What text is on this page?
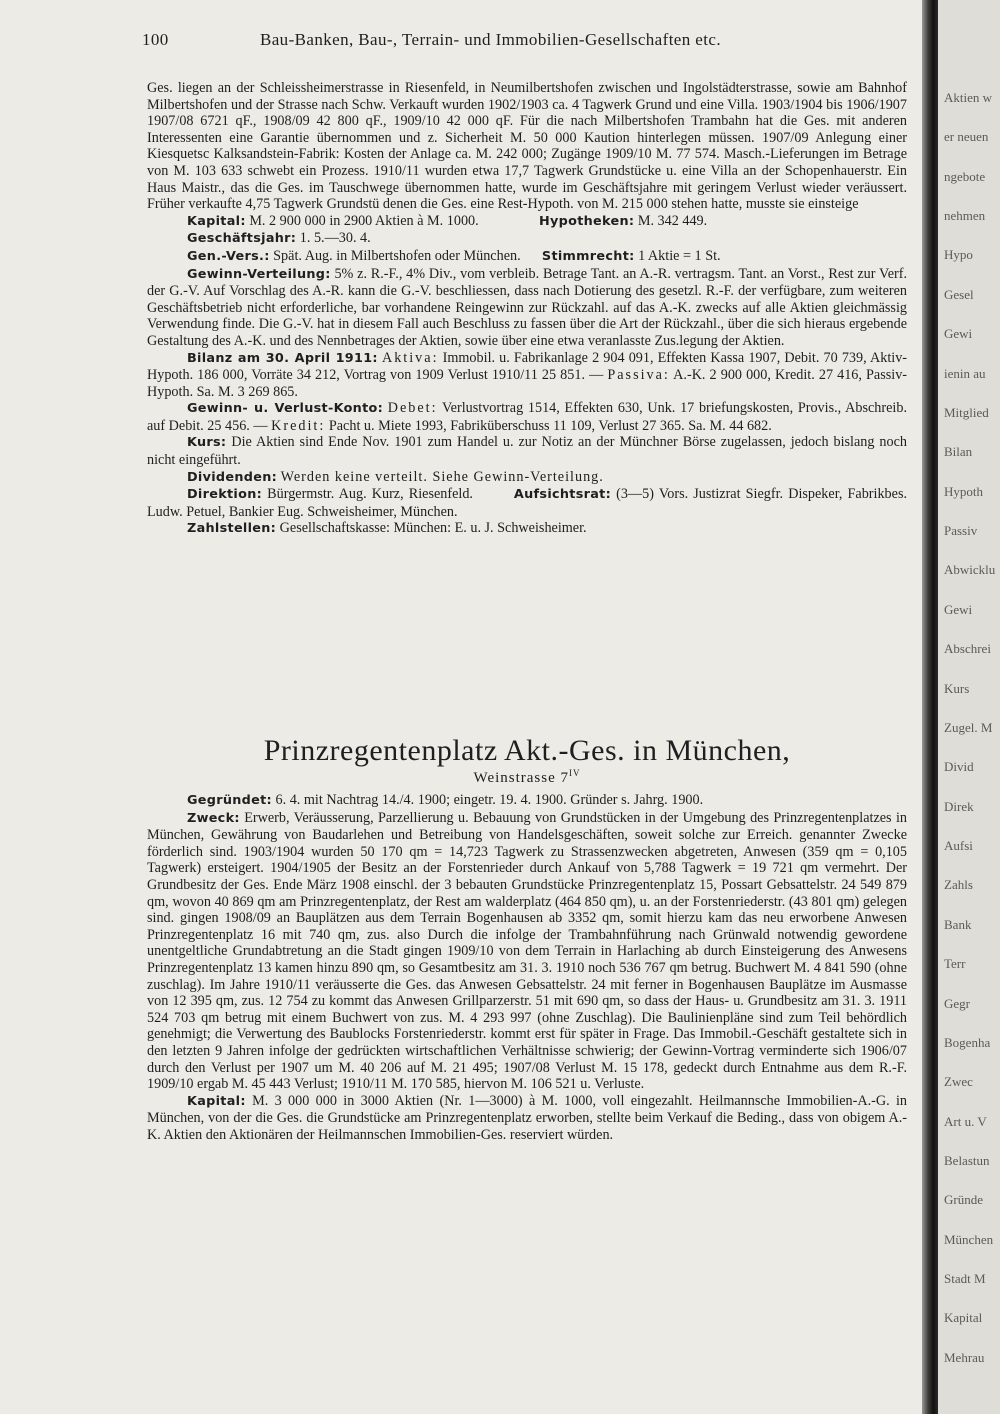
100	Bau-Banken, Bau-, Terrain- und Immobilien-Gesellschaften etc.

Ges. liegen an der Schleissheimerstrasse in Riesenfeld, in Neumilbertshofen zwischen und Ingolstädterstrasse, sowie am Bahnhof Milbertshofen und der Strasse nach Schw. Verkauft wurden 1902/1903 ca. 4 Tagwerk Grund und eine Villa. 1903/1904 bis 1906/1907 1907/08 6721 qF., 1908/09 42 800 qF., 1909/10 42 000 qF. Für die nach Milbertshofen Trambahn hat die Ges. mit anderen Interessenten eine Garantie übernommen und z. Sicherheit M. 50 000 Kaution hinterlegen müssen. 1907/09 Anlegung einer Kiesquetsc Kalksandstein-Fabrik: Kosten der Anlage ca. M. 242 000; Zugänge 1909/10 M. 77 574. Masch.-Lieferungen im Betrage von M. 103 633 schwebt ein Prozess. 1910/11 wurden etwa 17,7 Tagwerk Grundstücke u. eine Villa an der Schopenhauerstr. Ein Haus Maistr., das die Ges. im Tauschwege übernommen hatte, wurde im Geschäftsjahre mit geringem Verlust wieder veräussert. Früher verkaufte 4,75 Tagwerk Grundstü denen die Ges. eine Rest-Hypoth. von M. 215 000 stehen hatte, musste sie einsteige

Kapital: M. 2 900 000 in 2900 Aktien à M. 1000.	Hypotheken: M. 342 449.

Geschäftsjahr: 1. 5.—30. 4.

Gen.-Vers.: Spät. Aug. in Milbertshofen oder München. Stimmrecht: 1 Aktie = 1 St.

Gewinn-Verteilung: 5% z. R.-F., 4% Div., vom verbleib. Betrage Tant. an A.-R. vertragsm. Tant. an Vorst., Rest zur Verf. der G.-V. Auf Vorschlag des A.-R. kann die G.-V. beschliessen, dass nach Dotierung des gesetzl. R.-F. der verfügbare, zum weiteren Geschäftsbetrieb nicht erforderliche, bar vorhandene Reingewinn zur Rückzahl. auf das A.-K. zwecks auf alle Aktien gleichmässig Verwendung finde. Die G.-V. hat in diesem Fall auch Beschluss zu fassen über die Art der Rückzahl., über die sich hieraus ergebende Gestaltung des A.-K. und des Nennbetrages der Aktien, sowie über eine etwa veranlasste Zus.legung der Aktien.

Bilanz am 30. April 1911: Aktiva: Immobil. u. Fabrikanlage 2 904 091, Effekten Kassa 1907, Debit. 70 739, Aktiv-Hypoth. 186 000, Vorräte 34 212, Vortrag von 1909 Verlust 1910/11 25 851. — Passiva: A.-K. 2 900 000, Kredit. 27 416, Passiv-Hypoth. Sa. M. 3 269 865.

Gewinn- u. Verlust-Konto: Debet: Verlustvortrag 1514, Effekten 630, Unk. 17 briefungskosten, Provis., Abschreib. auf Debit. 25 456. — Kredit: Pacht u. Miete 1993, Fabriküberschuss 11 109, Verlust 27 365. Sa. M. 44 682.

Kurs: Die Aktien sind Ende Nov. 1901 zum Handel u. zur Notiz an der Münchner Börse zugelassen, jedoch bislang noch nicht eingeführt.

Dividenden: Werden keine verteilt. Siehe Gewinn-Verteilung.

Direktion: Bürgermstr. Aug. Kurz, Riesenfeld.	Aufsichtsrat: (3—5) Vors. Justizrat Siegfr. Dispeker, Fabrikbes. Ludw. Petuel, Bankier Eug. Schweisheimer, München.

Zahlstellen: Gesellschaftskasse: München: E. u. J. Schweisheimer.

Prinzregentenplatz Akt.-Ges. in München,
Weinstrasse $7^{IV}$

Gegründet: 6. 4. mit Nachtrag 14./4. 1900; eingetr. 19. 4. 1900. Gründer s. Jahrg. 1900.

Zweck: Erwerb, Veräusserung, Parzellierung u. Bebauung von Grundstücken in der Umgebung des Prinzregentenplatzes in München, Gewährung von Baudarlehen und Betreibung von Handelsgeschäften, soweit solche zur Erreich. genannter Zwecke förderlich sind. 1903/1904 wurden 50 170 qm = 14,723 Tagwerk zu Strassenzwecken abgetreten, Anwesen (359 qm = 0,105 Tagwerk) ersteigert. 1904/1905 der Besitz an der Forstenrieder durch Ankauf von 5,788 Tagwerk = 19 721 qm vermehrt. Der Grundbesitz der Ges. Ende März 1908 einschl. der 3 bebauten Grundstücke Prinzregentenplatz 15, Possart Gebsattelstr. 24 549 879 qm, wovon 40 869 qm am Prinzregentenplatz, der Rest am walderplatz (464 850 qm), u. an der Forstenriederstr. (43 801 qm) gelegen sind. gingen 1908/09 an Bauplätzen aus dem Terrain Bogenhausen ab 3352 qm, somit hierzu kam das neu erworbene Anwesen Prinzregentenplatz 16 mit 740 qm, zus. also Durch die infolge der Trambahnführung nach Grünwald notwendig gewordene unentgeltliche Grundabtretung an die Stadt gingen 1909/10 von dem Terrain in Harlaching ab durch Einsteigerung des Anwesens Prinzregentenplatz 13 kamen hinzu 890 qm, so Gesamtbesitz am 31. 3. 1910 noch 536 767 qm betrug. Buchwert M. 4 841 590 (ohne zuschlag). Im Jahre 1910/11 veräusserte die Ges. das Anwesen Gebsattelstr. 24 mit ferner in Bogenhausen Bauplätze im Ausmasse von 12 395 qm, zus. 12 754 zu kommt das Anwesen Grillparzerstr. 51 mit 690 qm, so dass der Haus- u. Grundbesitz am 31. 3. 1911 524 703 qm betrug mit einem Buchwert von zus. M. 4 293 997 (ohne Zuschlag). Die Baulinienpläne sind zum Teil behördlich genehmigt; die Verwertung des Baublocks Forstenriederstr. kommt erst für später in Frage. Das Immobil.-Geschäft gestaltete sich in den letzten 9 Jahren infolge der gedrückten wirtschaftlichen Verhältnisse schwierig; der Gewinn-Vortrag verminderte sich 1906/07 durch den Verlust per 1907 um M. 40 206 auf M. 21 495; 1907/08 Verlust M. 15 178, gedeckt durch Entnahme aus dem R.-F. 1909/10 ergab M. 45 443 Verlust; 1910/11 M. 170 585, hiervon M. 106 521 u. Verluste.

Kapital: M. 3 000 000 in 3000 Aktien (Nr. 1—3000) à M. 1000, voll eingezahlt. Heilmannsche Immobilien-A.-G. in München, von der die Ges. die Grundstücke am Prinzregentenplatz erworben, stellte beim Verkauf die Beding., dass von obigem A.-K. Aktien den Aktionären der Heilmannschen Immobilien-Ges. reserviert würden.

Aktien w
er neuen
ngebote
nehmen
Hypo
Gesel
Gewi
ienin au
Mitglied
Bilan
Hypoth
Passiv
Abwicklu
Gewi
Abschrei
Kurs
Zugel. M
Divid
Direk
Aufsi
Zahls
Bank
Terr
Gegr
Bogenha
Zwec
Art u. V
Belastun
Gründe
München
Stadt M
Kapital
Mehrau
